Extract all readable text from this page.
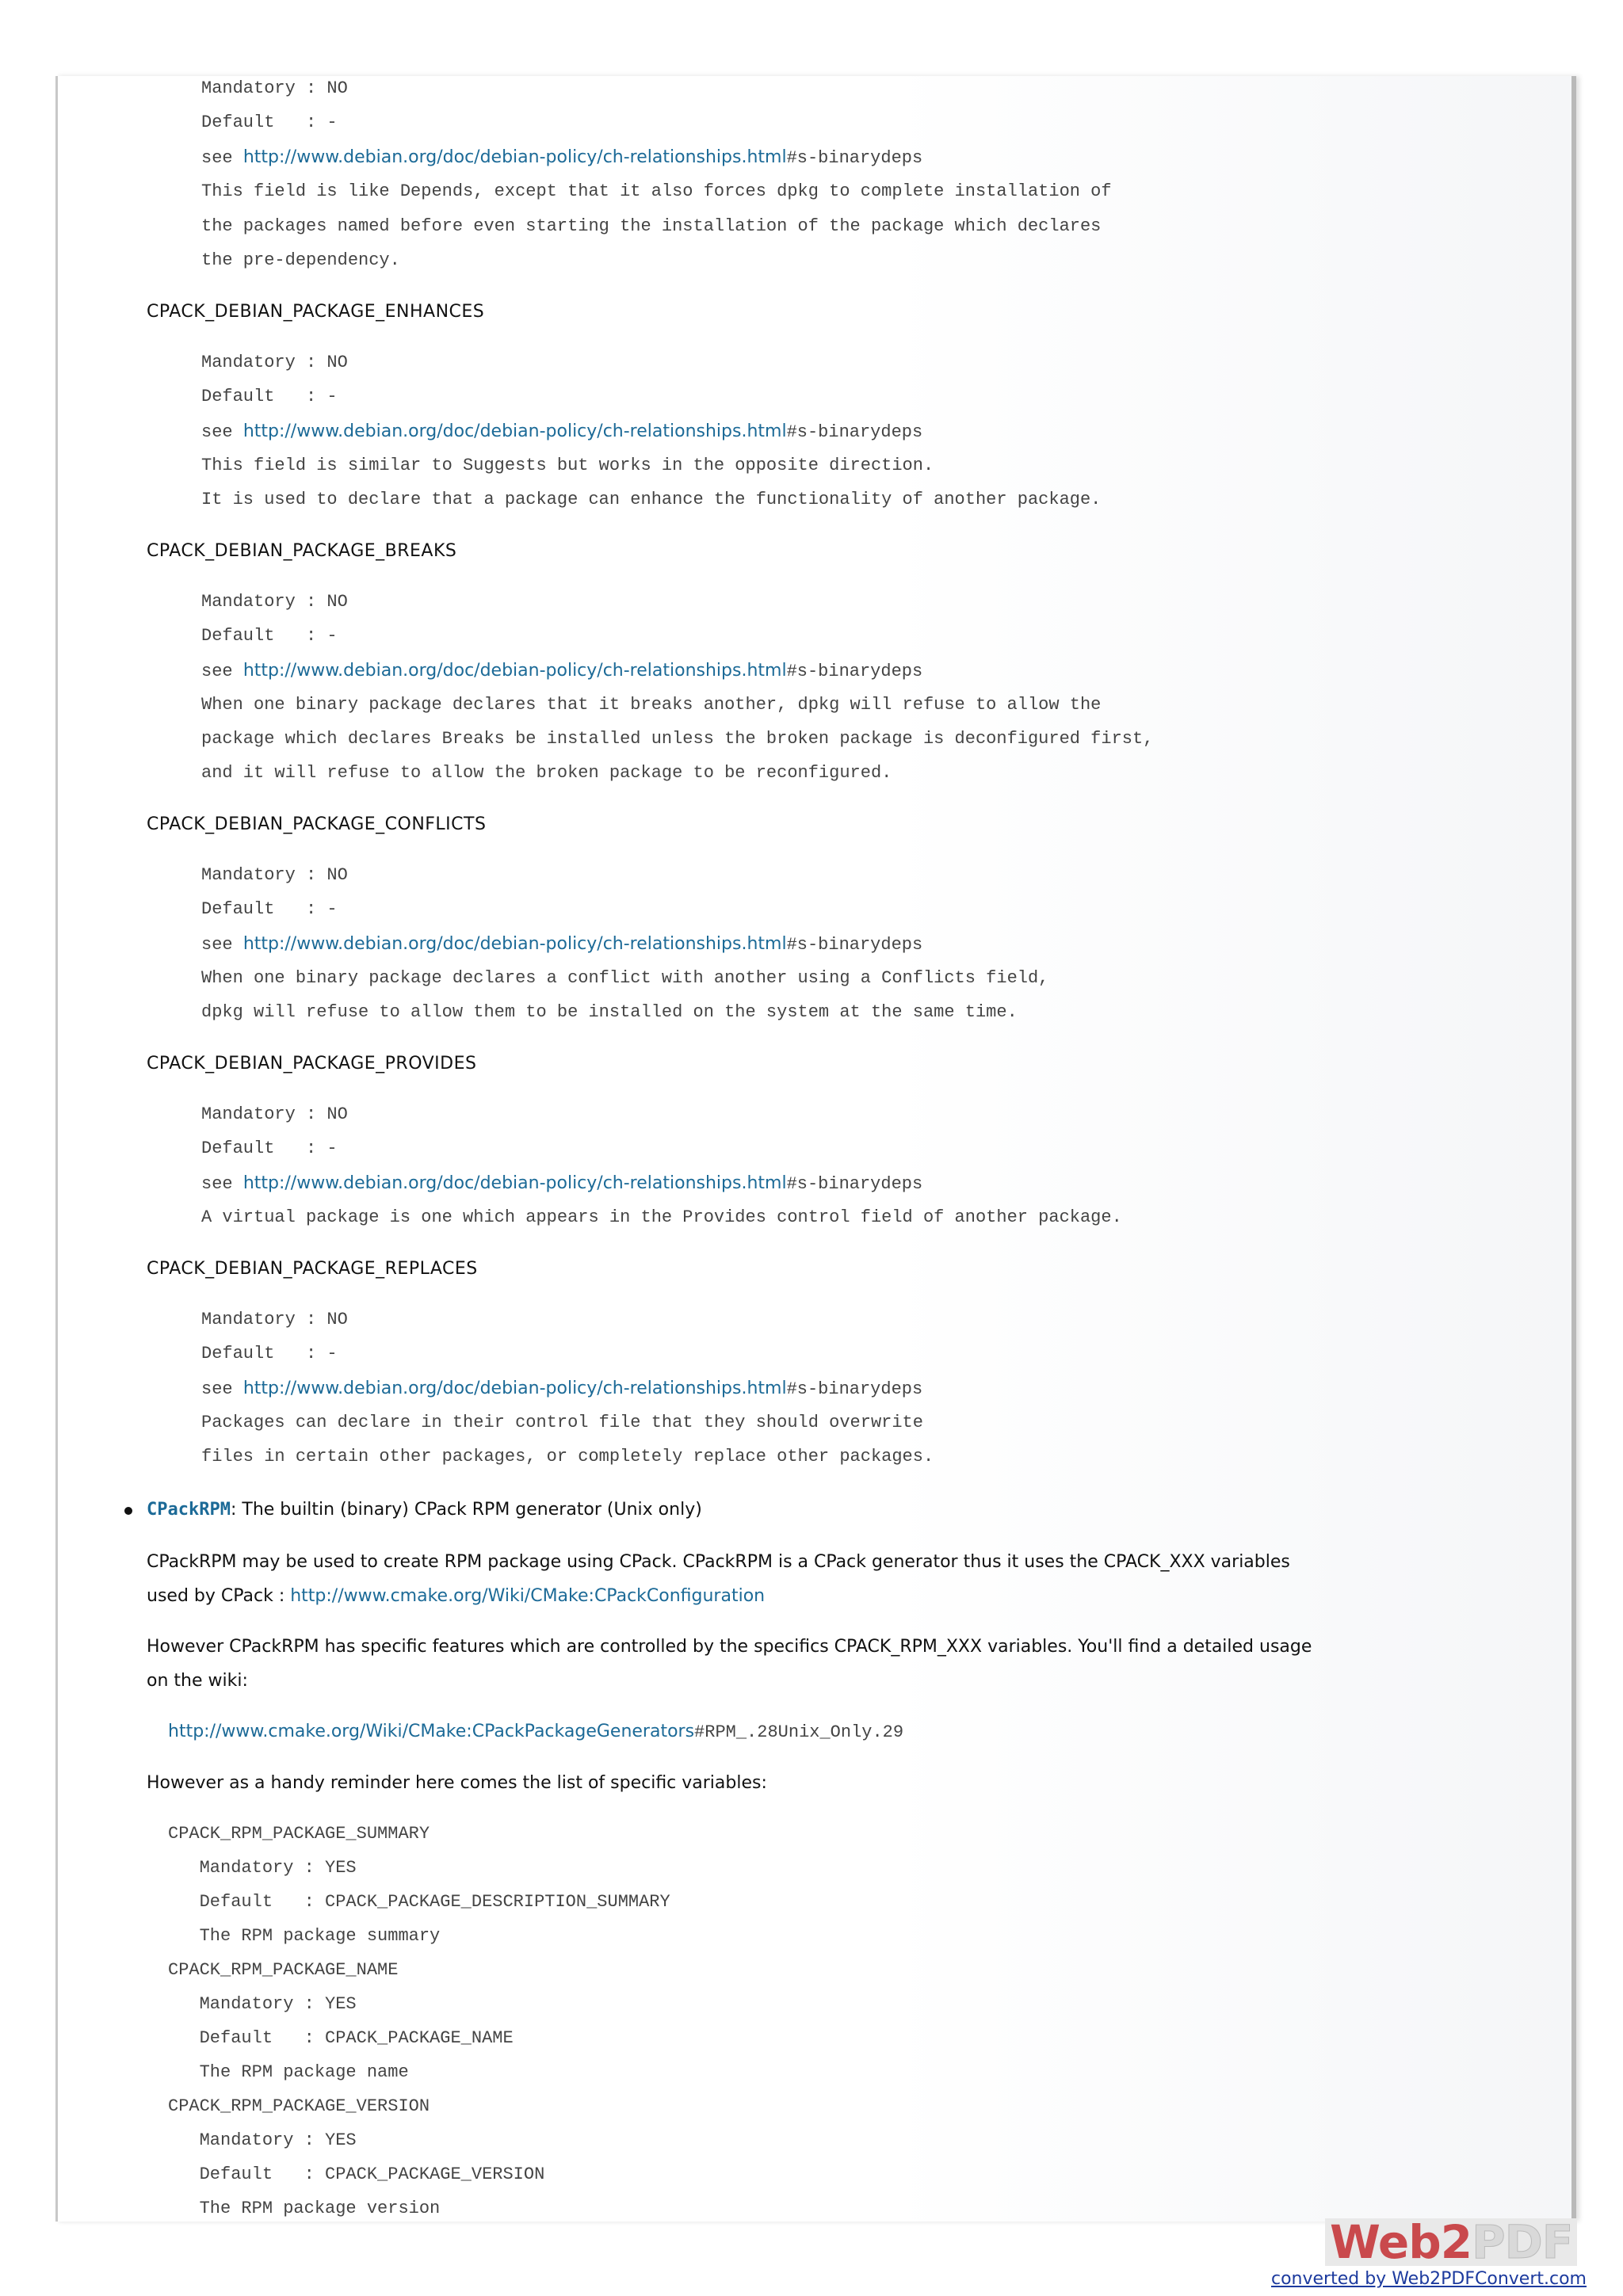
Mandatory : NO
Default   : -
see http://www.debian.org/doc/debian-policy/ch-relationships.html#s-binarydeps
This field is like Depends, except that it also forces dpkg to complete installation of
the packages named before even starting the installation of the package which declares
the pre-dependency.
CPACK_DEBIAN_PACKAGE_ENHANCES
Mandatory : NO
Default   : -
see http://www.debian.org/doc/debian-policy/ch-relationships.html#s-binarydeps
This field is similar to Suggests but works in the opposite direction.
It is used to declare that a package can enhance the functionality of another package.
CPACK_DEBIAN_PACKAGE_BREAKS
Mandatory : NO
Default   : -
see http://www.debian.org/doc/debian-policy/ch-relationships.html#s-binarydeps
When one binary package declares that it breaks another, dpkg will refuse to allow the
package which declares Breaks be installed unless the broken package is deconfigured first,
and it will refuse to allow the broken package to be reconfigured.
CPACK_DEBIAN_PACKAGE_CONFLICTS
Mandatory : NO
Default   : -
see http://www.debian.org/doc/debian-policy/ch-relationships.html#s-binarydeps
When one binary package declares a conflict with another using a Conflicts field,
dpkg will refuse to allow them to be installed on the system at the same time.
CPACK_DEBIAN_PACKAGE_PROVIDES
Mandatory : NO
Default   : -
see http://www.debian.org/doc/debian-policy/ch-relationships.html#s-binarydeps
A virtual package is one which appears in the Provides control field of another package.
CPACK_DEBIAN_PACKAGE_REPLACES
Mandatory : NO
Default   : -
see http://www.debian.org/doc/debian-policy/ch-relationships.html#s-binarydeps
Packages can declare in their control file that they should overwrite
files in certain other packages, or completely replace other packages.
CPackRPM: The builtin (binary) CPack RPM generator (Unix only)
CPackRPM may be used to create RPM package using CPack. CPackRPM is a CPack generator thus it uses the CPACK_XXX variables
used by CPack : http://www.cmake.org/Wiki/CMake:CPackConfiguration
However CPackRPM has specific features which are controlled by the specifics CPACK_RPM_XXX variables. You'll find a detailed usage
on the wiki:
http://www.cmake.org/Wiki/CMake:CPackPackageGenerators#RPM_.28Unix_Only.29
However as a handy reminder here comes the list of specific variables:
CPACK_RPM_PACKAGE_SUMMARY
Mandatory : YES
Default   : CPACK_PACKAGE_DESCRIPTION_SUMMARY
The RPM package summary
CPACK_RPM_PACKAGE_NAME
Mandatory : YES
Default   : CPACK_PACKAGE_NAME
The RPM package name
CPACK_RPM_PACKAGE_VERSION
Mandatory : YES
Default   : CPACK_PACKAGE_VERSION
The RPM package version
Web2PDF
converted by Web2PDFConvert.com
